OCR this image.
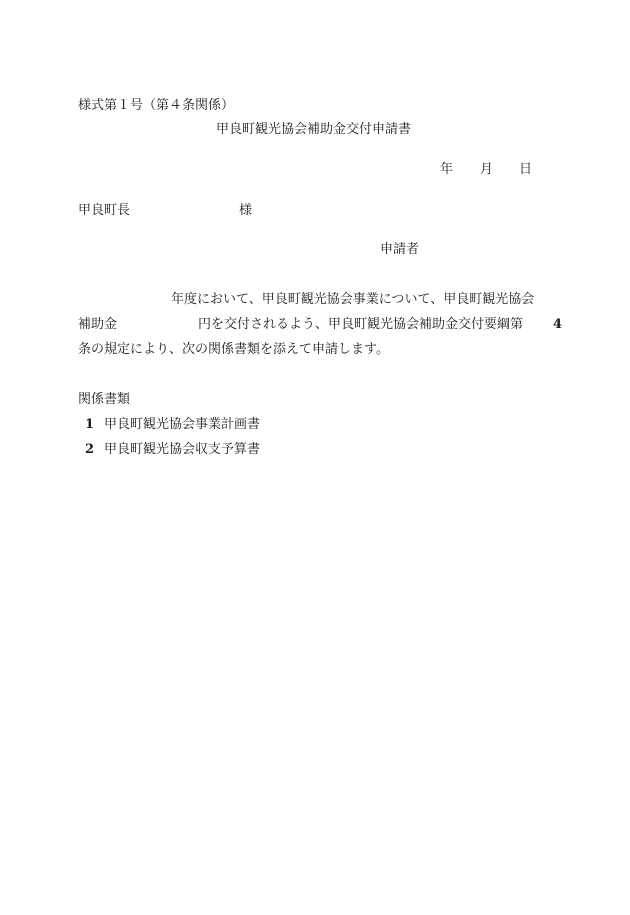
様式第１号（第４条関係）
甲良町観光協会補助金交付申請書
年 月 日
甲良町長	様
申請者
年度において、甲良町観光協会事業について、甲良町観光協会
補助金	円を交付されるよう、甲良町観光協会補助金交付要綱第 4
条の規定により、次の関係書類を添えて申請します。
関係書類
1 甲良町観光協会事業計画書
2 甲良町観光協会収支予算書
